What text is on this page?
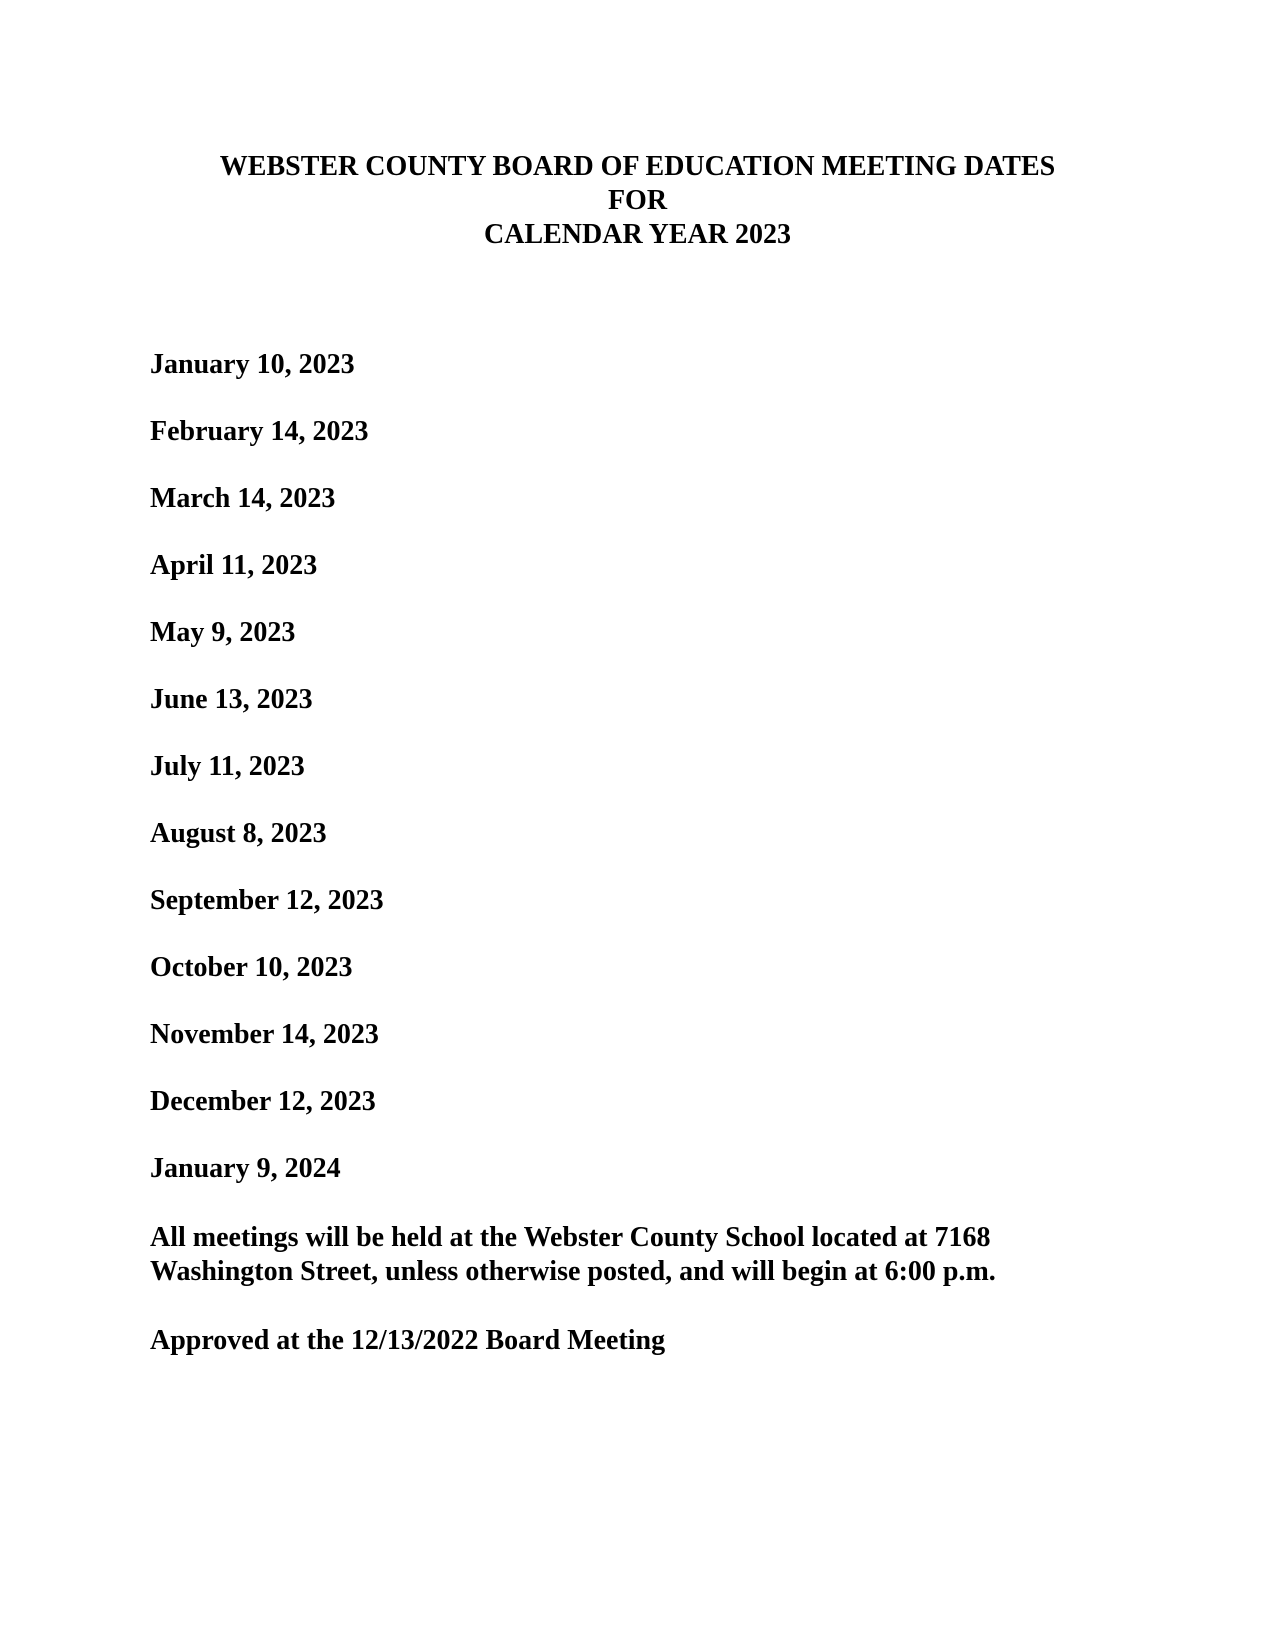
WEBSTER COUNTY BOARD OF EDUCATION MEETING DATES
FOR
CALENDAR YEAR 2023
January 10, 2023
February 14, 2023
March 14, 2023
April 11, 2023
May 9, 2023
June 13, 2023
July 11, 2023
August 8, 2023
September 12, 2023
October 10, 2023
November 14, 2023
December 12, 2023
January 9, 2024
All meetings will be held at the Webster County School located at 7168
Washington Street, unless otherwise posted, and will begin at 6:00 p.m.
Approved at the 12/13/2022 Board Meeting
